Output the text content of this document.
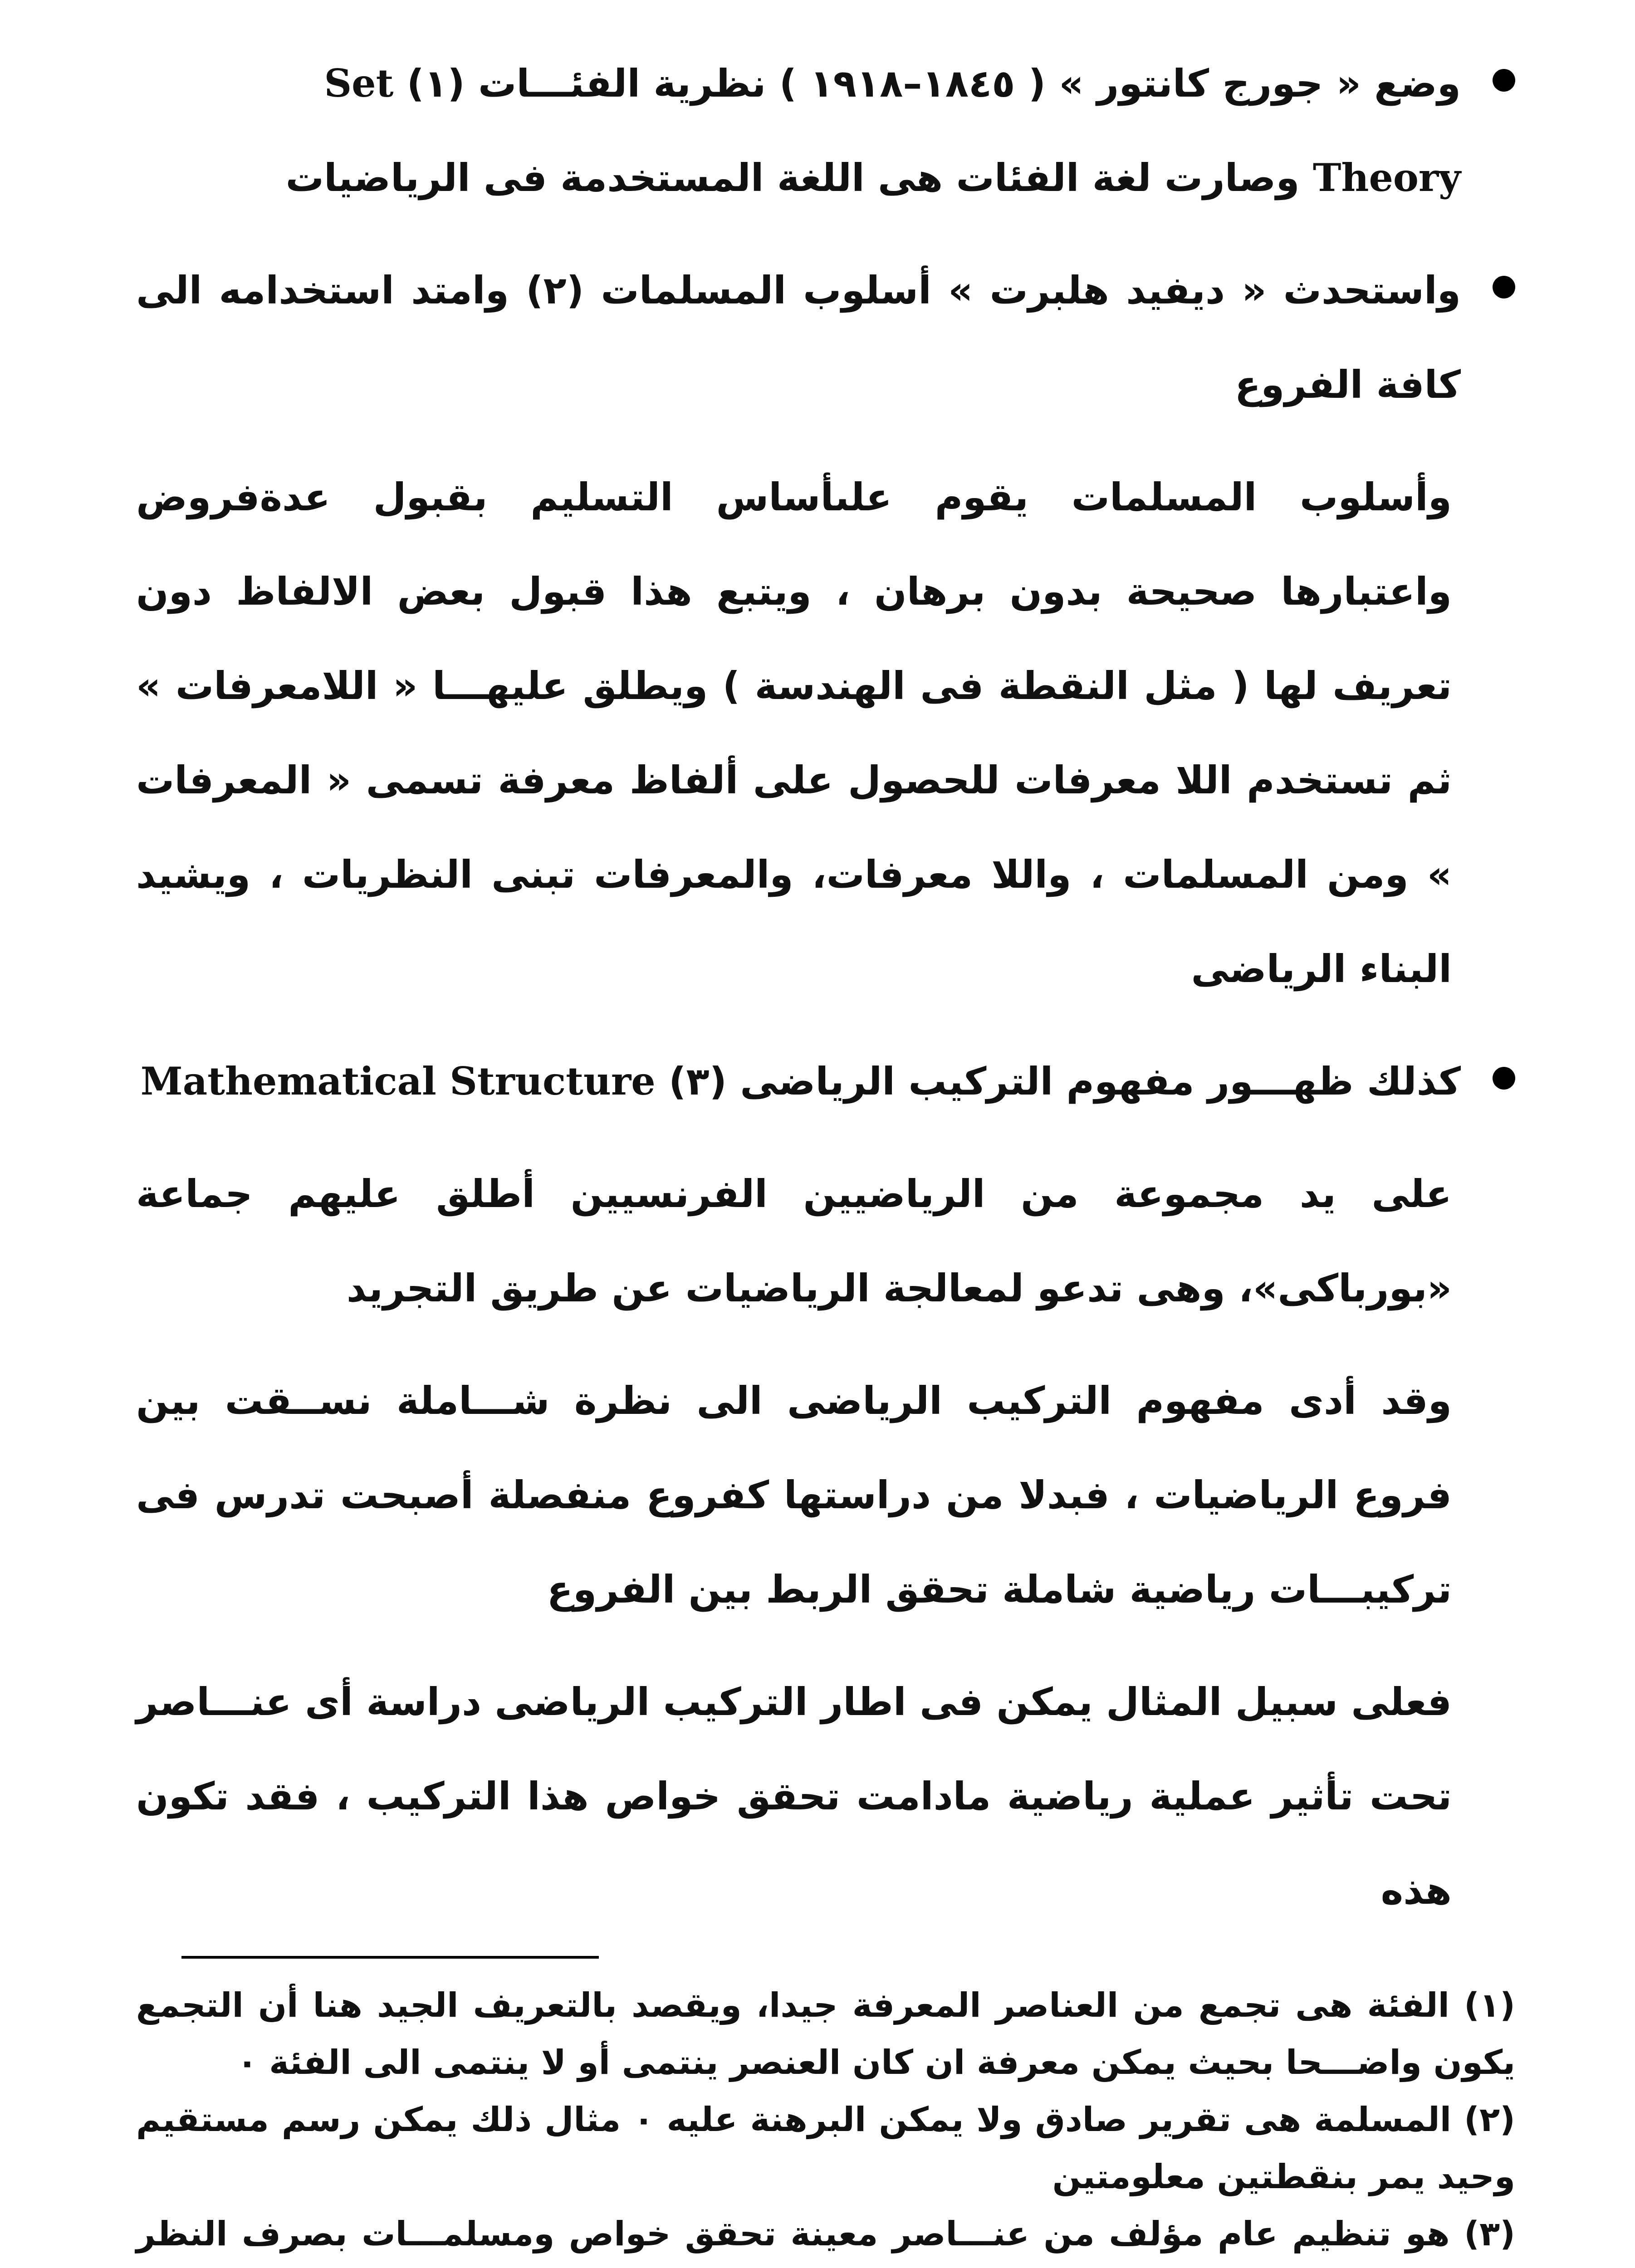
وضع « جورج كانتور » ( ١٨٤٥–١٩١٨ ) نظرية الفئـــات (١) Set
Theory وصارت لغة الفئات هى اللغة المستخدمة فى الرياضيات

واستحدث « ديفيد هلبرت » أسلوب المسلمات (٢) وامتد استخدامه الى كافة الفروع

وأسلوب المسلمات يقوم علىأساس التسليم بقبول عدةفروض واعتبارها صحيحة بدون برهان ، ويتبع هذا قبول بعض الالفاظ دون تعريف لها ( مثل النقطة فى الهندسة ) ويطلق عليهـــا « اللامعرفات » ثم تستخدم اللا معرفات للحصول على ألفاظ معرفة تسمى « المعرفات » ومن المسلمات ، واللا معرفات، والمعرفات تبنى النظريات ، ويشيد البناء الرياضى

كذلك ظهـــور مفهوم التركيب الرياضى (٣) Mathematical Structure

على يد مجموعة من الرياضيين الفرنسيين أطلق عليهم جماعة «بورباكى»، وهى تدعو لمعالجة الرياضيات عن طريق التجريد

وقد أدى مفهوم التركيب الرياضى الى نظرة شـــاملة نســقت بين فروع الرياضيات ، فبدلا من دراستها كفروع منفصلة أصبحت تدرس فى تركيبـــات رياضية شاملة تحقق الربط بين الفروع

فعلى سبيل المثال يمكن فى اطار التركيب الرياضى دراسة أى عنـــاصر تحت تأثير عملية رياضية مادامت تحقق خواص هذا التركيب ، فقد تكون هذه

(١) الفئة هى تجمع من العناصر المعرفة جيدا، ويقصد بالتعريف الجيد هنا أن التجمع يكون واضـــحا بحيث يمكن معرفة ان كان العنصر ينتمى أو لا ينتمى الى الفئة ٠

(٢) المسلمة هى تقرير صادق ولا يمكن البرهنة عليه ٠ مثال ذلك يمكن رسم مستقيم وحيد يمر بنقطتين معلومتين

(٣) هو تنظيم عام مؤلف من عنـــاصر معينة تحقق خواص ومسلمـــات بصرف النظر
